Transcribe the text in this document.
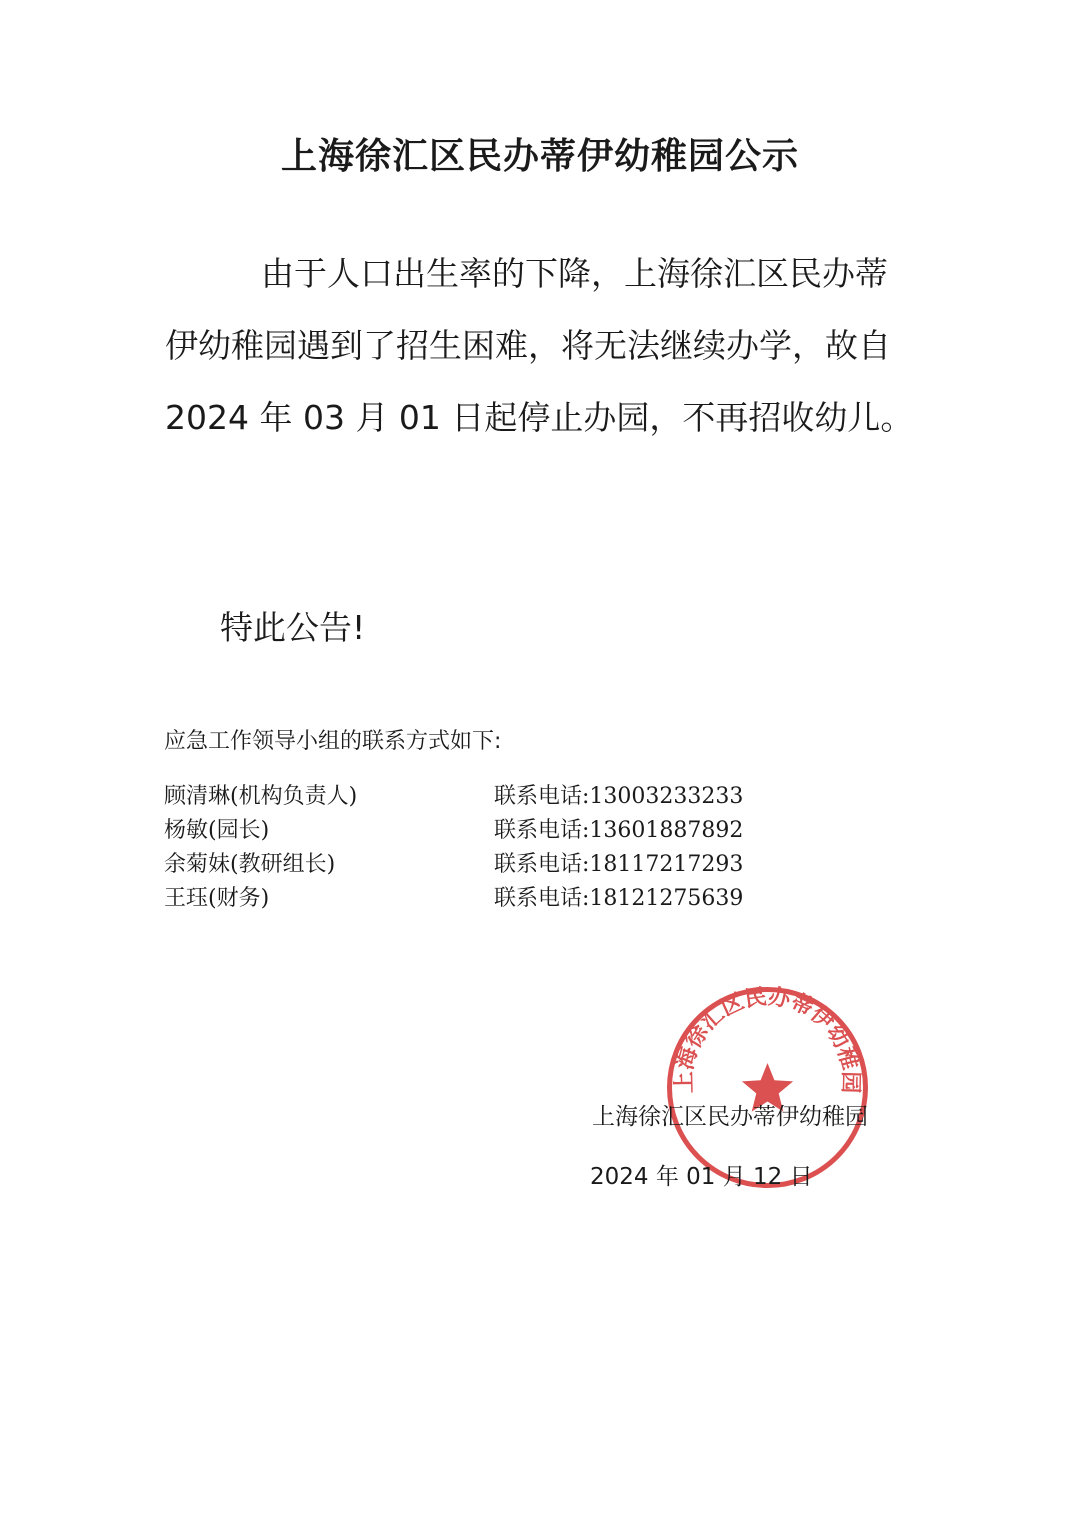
上海徐汇区民办蒂伊幼稚园公示

由于人口出生率的下降，上海徐汇区民办蒂伊幼稚园遇到了招生困难，将无法继续办学，故自 2024 年 03 月 01 日起停止办园，不再招收幼儿。

特此公告!

应急工作领导小组的联系方式如下:

顾清琳(机构负责人)	联系电话:13003233233
杨敏(园长)	联系电话:13601887892
余菊妹(教研组长)	联系电话:18117217293
王珏(财务)	联系电话:18121275639
上海徐汇区民办蒂伊幼稚园

上海徐汇区民办蒂伊幼稚园

2024 年 01 月 12 日
